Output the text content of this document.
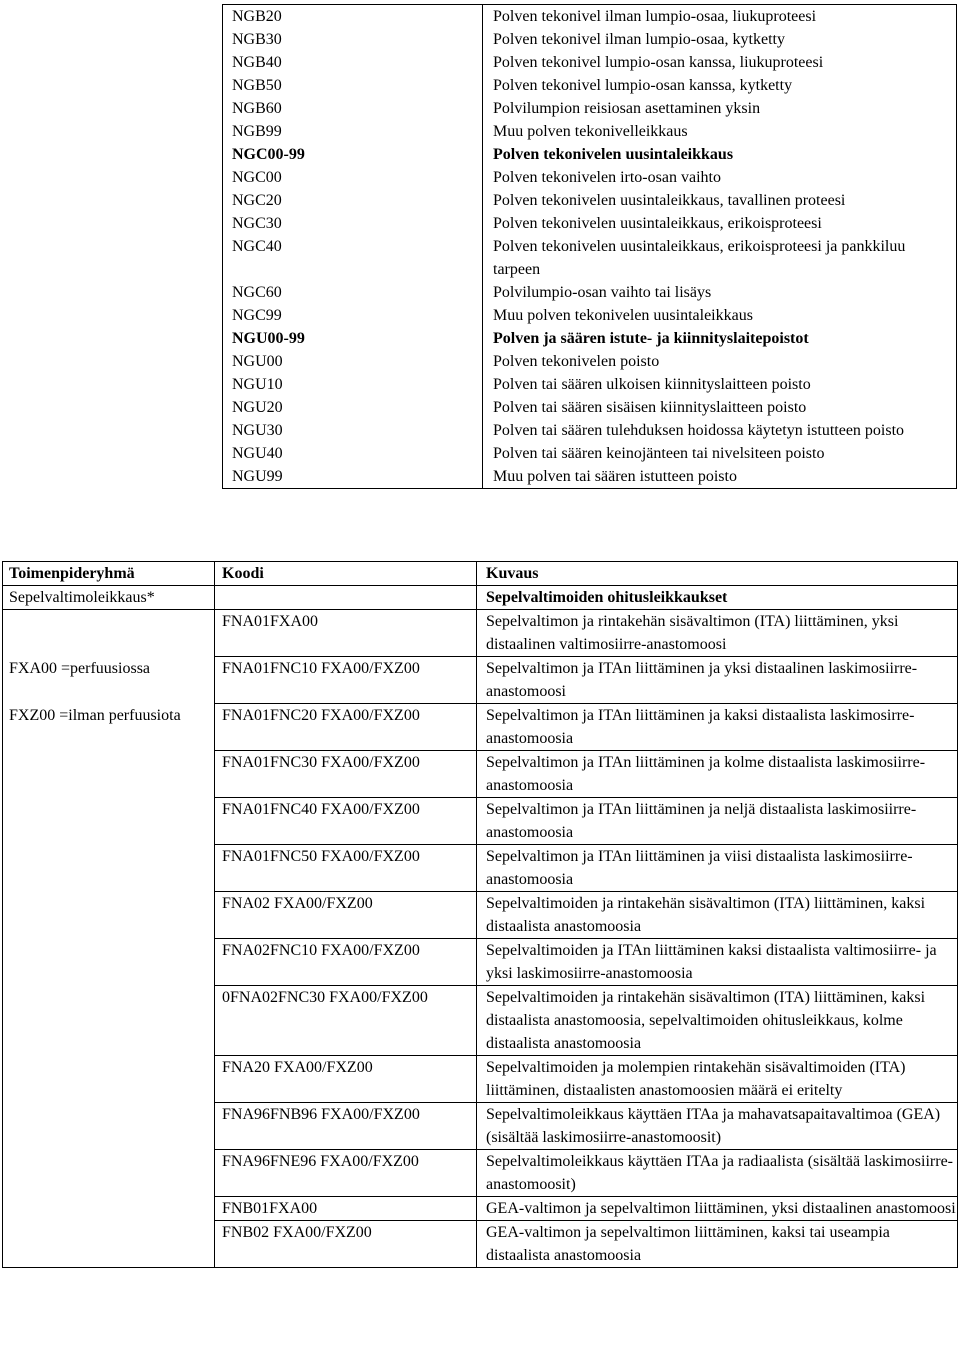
NGB20	Polven tekonivel ilman lumpio-osaa, liukuproteesi
NGB30	Polven tekonivel ilman lumpio-osaa, kytketty
NGB40	Polven tekonivel lumpio-osan kanssa, liukuproteesi
NGB50	Polven tekonivel lumpio-osan kanssa, kytketty
NGB60	Polvilumpion reisiosan asettaminen yksin
NGB99	Muu polven tekonivelleikkaus
NGC00-99	Polven tekonivelen uusintaleikkaus
NGC00	Polven tekonivelen irto-osan vaihto
NGC20	Polven tekonivelen uusintaleikkaus, tavallinen proteesi
NGC30	Polven tekonivelen uusintaleikkaus, erikoisproteesi
NGC40	Polven tekonivelen uusintaleikkaus, erikoisproteesi ja pankkiluu tarpeen
NGC60	Polvilumpio-osan vaihto tai lisäys
NGC99	Muu polven tekonivelen uusintaleikkaus
NGU00-99	Polven ja säären istute- ja kiinnityslaitepoistot
NGU00	Polven tekonivelen poisto
NGU10	Polven tai säären ulkoisen kiinnityslaitteen poisto
NGU20	Polven tai säären sisäisen kiinnityslaitteen poisto
NGU30	Polven tai säären tulehduksen hoidossa käytetyn istutteen poisto
NGU40	Polven tai säären keinojänteen tai nivelsiteen poisto
NGU99	Muu polven tai säären istutteen poisto
Toimenpideryhmä	Koodi	Kuvaus
Sepelvaltimoleikkaus*		Sepelvaltimoiden ohitusleikkaukset
	FNA01FXA00	Sepelvaltimon ja rintakehän sisävaltimon (ITA) liittäminen, yksi distaalinen valtimosiirre-anastomoosi
FXA00 =perfuusiossa	FNA01FNC10 FXA00/FXZ00	Sepelvaltimon ja ITAn liittäminen ja yksi distaalinen laskimosiirre-anastomoosi
FXZ00 =ilman perfuusiota	FNA01FNC20 FXA00/FXZ00	Sepelvaltimon ja ITAn liittäminen ja kaksi distaalista laskimosirre-anastomoosia
	FNA01FNC30 FXA00/FXZ00	Sepelvaltimon ja ITAn liittäminen ja kolme distaalista laskimosiirre-anastomoosia
	FNA01FNC40 FXA00/FXZ00	Sepelvaltimon ja ITAn liittäminen ja neljä distaalista laskimosiirre-anastomoosia
	FNA01FNC50 FXA00/FXZ00	Sepelvaltimon ja ITAn liittäminen ja viisi distaalista laskimosiirre-anastomoosia
	FNA02 FXA00/FXZ00	Sepelvaltimoiden ja rintakehän sisävaltimon (ITA) liittäminen, kaksi distaalista anastomoosia
	FNA02FNC10 FXA00/FXZ00	Sepelvaltimoiden ja ITAn liittäminen kaksi distaalista valtimosiirre- ja yksi laskimosiirre-anastomoosia
	0FNA02FNC30 FXA00/FXZ00	Sepelvaltimoiden ja rintakehän sisävaltimon (ITA) liittäminen, kaksi distaalista anastomoosia, sepelvaltimoiden ohitusleikkaus, kolme distaalista anastomoosia
	FNA20 FXA00/FXZ00	Sepelvaltimoiden ja molempien rintakehän sisävaltimoiden (ITA) liittäminen, distaalisten anastomoosien määrä ei eritelty
	FNA96FNB96 FXA00/FXZ00	Sepelvaltimoleikkaus käyttäen ITAa ja mahavatsapaitavaltimoa (GEA) (sisältää laskimosiirre-anastomoosit)
	FNA96FNE96 FXA00/FXZ00	Sepelvaltimoleikkaus käyttäen ITAa ja radiaalista (sisältää laskimosiirre-anastomoosit)
	FNB01FXA00	GEA-valtimon ja sepelvaltimon liittäminen, yksi distaalinen anastomoosi
	FNB02 FXA00/FXZ00	GEA-valtimon ja sepelvaltimon liittäminen, kaksi tai useampia distaalista anastomoosia
